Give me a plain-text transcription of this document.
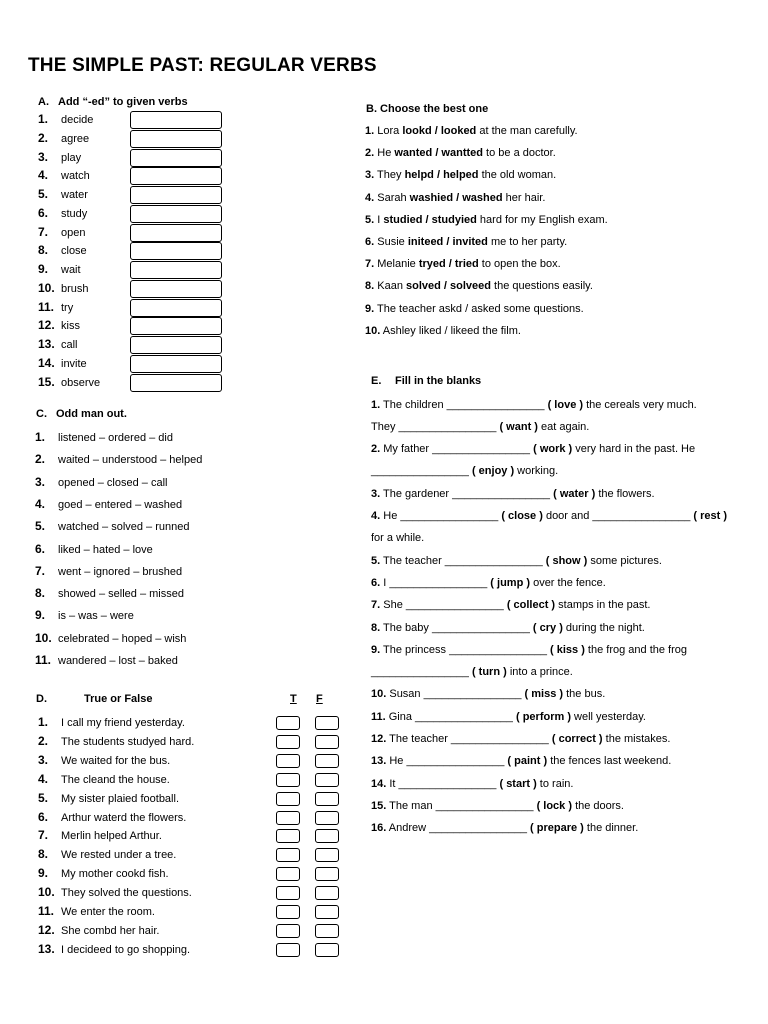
THE SIMPLE PAST: REGULAR VERBS
A. Add “-ed” to given verbs
1. decide
2. agree
3. play
4. watch
5. water
6. study
7. open
8. close
9. wait
10. brush
11. try
12. kiss
13. call
14. invite
15. observe
B. Choose the best one
1. Lora lookd / looked at the man carefully.
2. He wanted / wantted to be a doctor.
3. They helpd / helped the old woman.
4. Sarah washied / washed her hair.
5. I studied / studyied hard for my English exam.
6. Susie initeed / invited me to her party.
7. Melanie tryed / tried to open the box.
8. Kaan solved / solveed the questions easily.
9. The teacher askd / asked some questions.
10. Ashley liked / likeed the film.
C. Odd man out.
1. listened – ordered – did
2. waited – understood – helped
3. opened – closed – call
4. goed – entered – washed
5. watched – solved – runned
6. liked – hated – love
7. went – ignored – brushed
8. showed – selled – missed
9. is – was – were
10. celebrated – hoped – wish
11. wandered – lost – baked
D.	True or False	T F
1. I call my friend yesterday.
2. The students studyed hard.
3. We waited for the bus.
4. The cleand the house.
5. My sister plaied football.
6. Arthur waterd the flowers.
7. Merlin helped Arthur.
8. We rested under a tree.
9. My mother cookd fish.
10. They solved the questions.
11. We enter the room.
12. She combd her hair.
13. I decideed to go shopping.
E. Fill in the blanks
1. The children ________________ ( love ) the cereals very much.
They ________________ ( want ) eat again.
2. My father ________________ ( work ) very hard in the past. He
________________ ( enjoy ) working.
3. The gardener ________________ ( water ) the flowers.
4. He ________________ ( close ) door and ________________ ( rest )
for a while.
5. The teacher ________________ ( show ) some pictures.
6. I ________________ ( jump ) over the fence.
7. She ________________ ( collect ) stamps in the past.
8. The baby ________________ ( cry ) during the night.
9. The princess ________________ ( kiss ) the frog and the frog
________________ ( turn ) into a prince.
10. Susan ________________ ( miss ) the bus.
11. Gina ________________ ( perform ) well yesterday.
12. The teacher ________________ ( correct ) the mistakes.
13. He ________________ ( paint ) the fences last weekend.
14. It ________________ ( start ) to rain.
15. The man ________________ ( lock ) the doors.
16. Andrew ________________ ( prepare ) the dinner.
